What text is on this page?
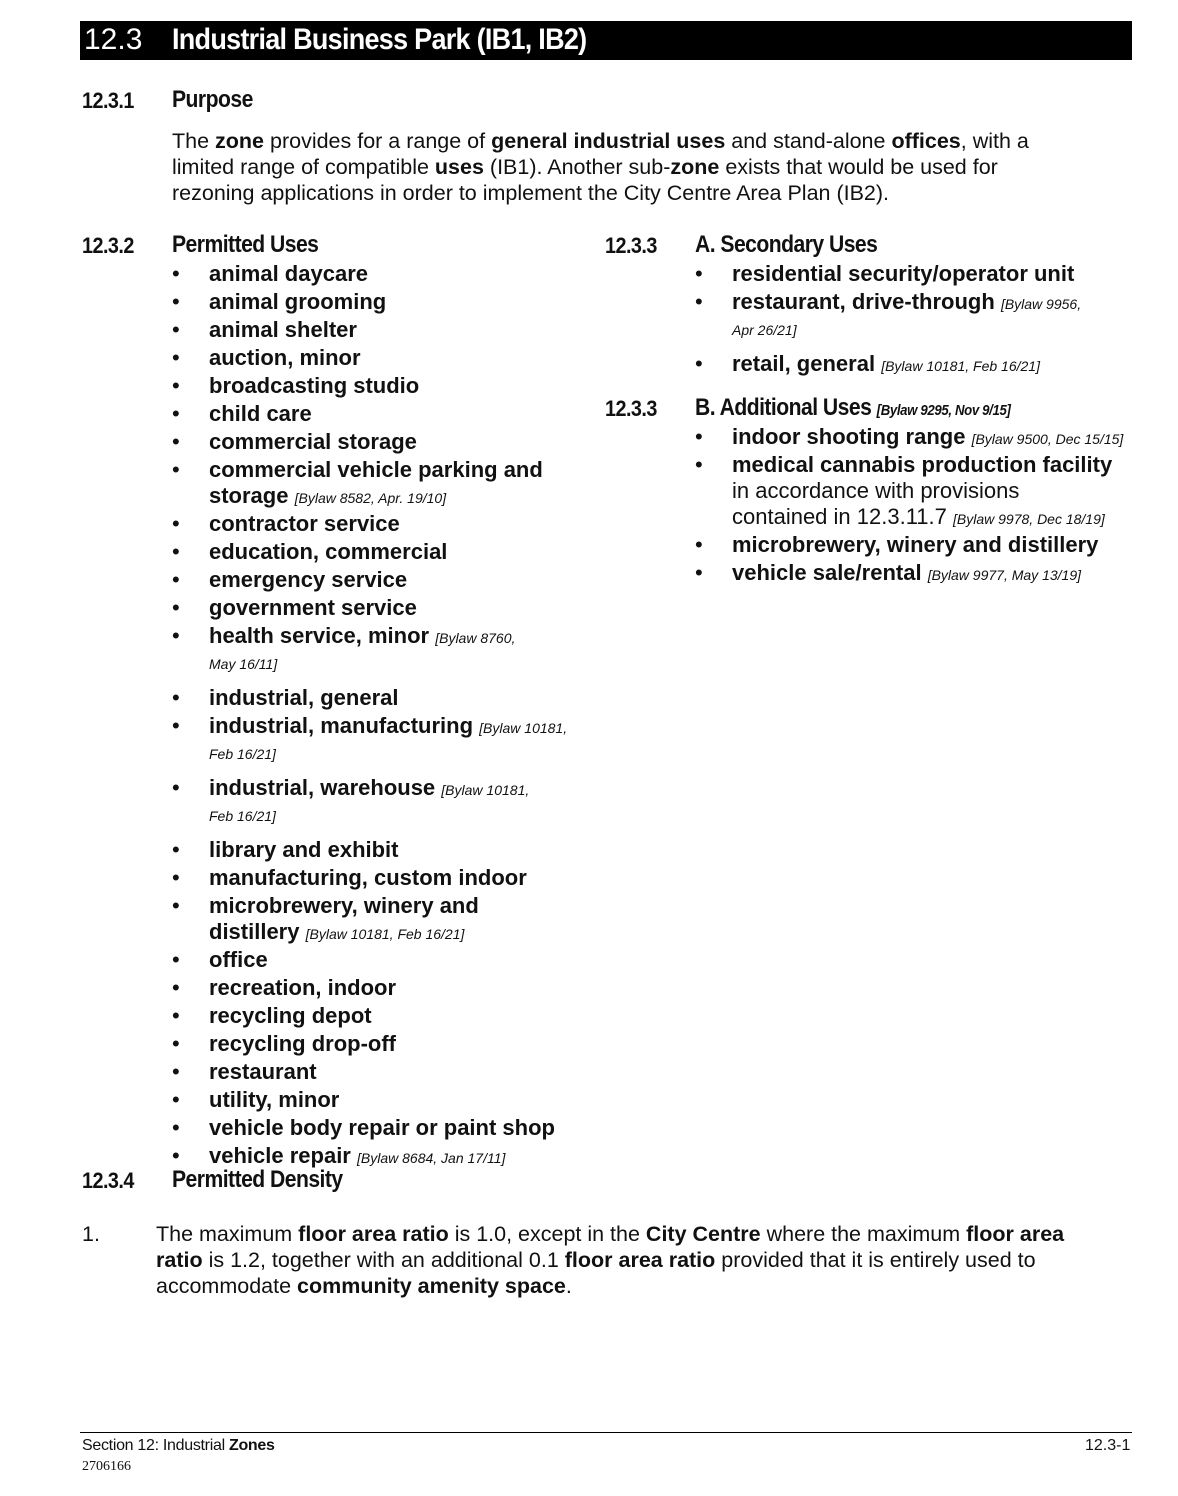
12.3 Industrial Business Park (IB1, IB2)
12.3.1 Purpose
The zone provides for a range of general industrial uses and stand-alone offices, with a
limited range of compatible uses (IB1). Another sub-zone exists that would be used for
rezoning applications in order to implement the City Centre Area Plan (IB2).
12.3.2 Permitted Uses
• animal daycare
• animal grooming
• animal shelter
• auction, minor
• broadcasting studio
• child care
• commercial storage
• commercial vehicle parking and
storage [Bylaw 8582, Apr. 19/10]
• contractor service
• education, commercial
• emergency service
• government service
• health service, minor [Bylaw 8760,
May 16/11]
• industrial, general
• industrial, manufacturing [Bylaw 10181,
Feb 16/21]
• industrial, warehouse [Bylaw 10181,
Feb 16/21]
• library and exhibit
• manufacturing, custom indoor
• microbrewery, winery and
distillery [Bylaw 10181, Feb 16/21]
• office
• recreation, indoor
• recycling depot
• recycling drop-off
• restaurant
• utility, minor
• vehicle body repair or paint shop
• vehicle repair [Bylaw 8684, Jan 17/11]
12.3.3 A. Secondary Uses
• residential security/operator unit
• restaurant, drive-through [Bylaw 9956,
Apr 26/21]
• retail, general [Bylaw 10181, Feb 16/21]
12.3.3 B. Additional Uses [Bylaw 9295, Nov 9/15]
• indoor shooting range [Bylaw 9500, Dec 15/15]
• medical cannabis production facility
in accordance with provisions
contained in 12.3.11.7 [Bylaw 9978, Dec 18/19]
• microbrewery, winery and distillery
• vehicle sale/rental [Bylaw 9977, May 13/19]
12.3.4 Permitted Density
1.	The maximum floor area ratio is 1.0, except in the City Centre where the maximum floor area
ratio is 1.2, together with an additional 0.1 floor area ratio provided that it is entirely used to
accommodate community amenity space.
Section 12: Industrial Zones
2706166
12.3-1
